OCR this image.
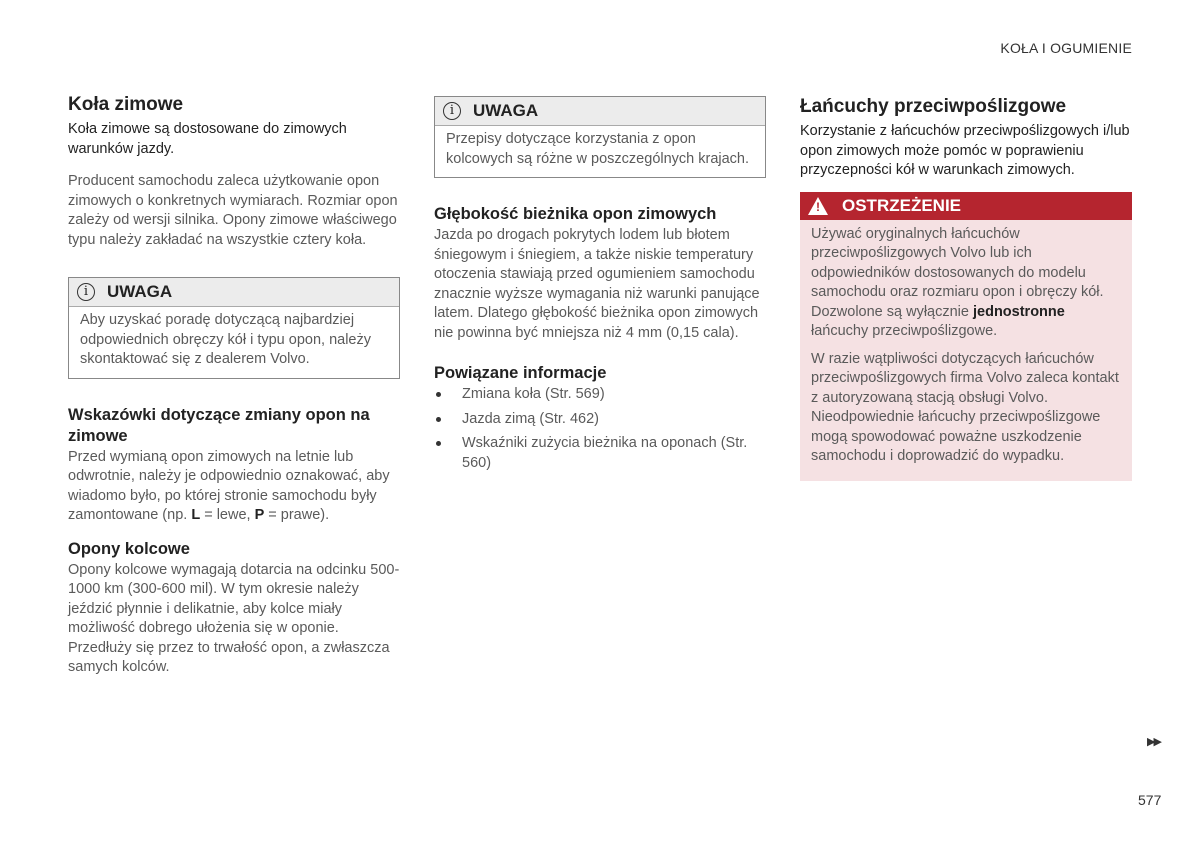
KOŁA I OGUMIENIE
Koła zimowe

Koła zimowe są dostosowane do zimowych warunków jazdy.

Producent samochodu zaleca użytkowanie opon zimowych o konkretnych wymiarach. Rozmiar opon zależy od wersji silnika. Opony zimowe właściwego typu należy zakładać na wszystkie cztery koła.

i	UWAGA
Aby uzyskać poradę dotyczącą najbardziej odpowiednich obręczy kół i typu opon, należy skontaktować się z dealerem Volvo.
Wskazówki dotyczące zmiany opon na zimowe

Przed wymianą opon zimowych na letnie lub odwrotnie, należy je odpowiednio oznakować, aby wiadomo było, po której stronie samochodu były zamontowane (np. L = lewe, P = prawe).

Opony kolcowe

Opony kolcowe wymagają dotarcia na odcinku 500-1000 km (300-600 mil). W tym okresie należy jeździć płynnie i delikatnie, aby kolce miały możliwość dobrego ułożenia się w oponie. Przedłuży się przez to trwałość opon, a zwłaszcza samych kolców.

i	UWAGA
Przepisy dotyczące korzystania z opon kolcowych są różne w poszczególnych krajach.
Głębokość bieżnika opon zimowych

Jazda po drogach pokrytych lodem lub błotem śniegowym i śniegiem, a także niskie temperatury otoczenia stawiają przed ogumieniem samochodu znacznie wyższe wymagania niż warunki panujące latem. Dlatego głębokość bieżnika opon zimowych nie powinna być mniejsza niż 4 mm (0,15 cala).

Powiązane informacje
Zmiana koła (Str. 569)
Jazda zimą (Str. 462)
Wskaźniki zużycia bieżnika na oponach (Str. 560)
Łańcuchy przeciwpoślizgowe

Korzystanie z łańcuchów przeciwpoślizgowych i/lub opon zimowych może pomóc w poprawieniu przyczepności kół w warunkach zimowych.

! OSTRZEŻENIE

Używać oryginalnych łańcuchów przeciwpoślizgowych Volvo lub ich odpowiedników dostosowanych do modelu samochodu oraz rozmiaru opon i obręczy kół. Dozwolone są wyłącznie jednostronne łańcuchy przeciwpoślizgowe.

W razie wątpliwości dotyczących łańcuchów przeciwpoślizgowych firma Volvo zaleca kontakt z autoryzowaną stacją obsługi Volvo. Nieodpowiednie łańcuchy przeciwpoślizgowe mogą spowodować poważne uszkodzenie samochodu i doprowadzić do wypadku.

▶▶
577
